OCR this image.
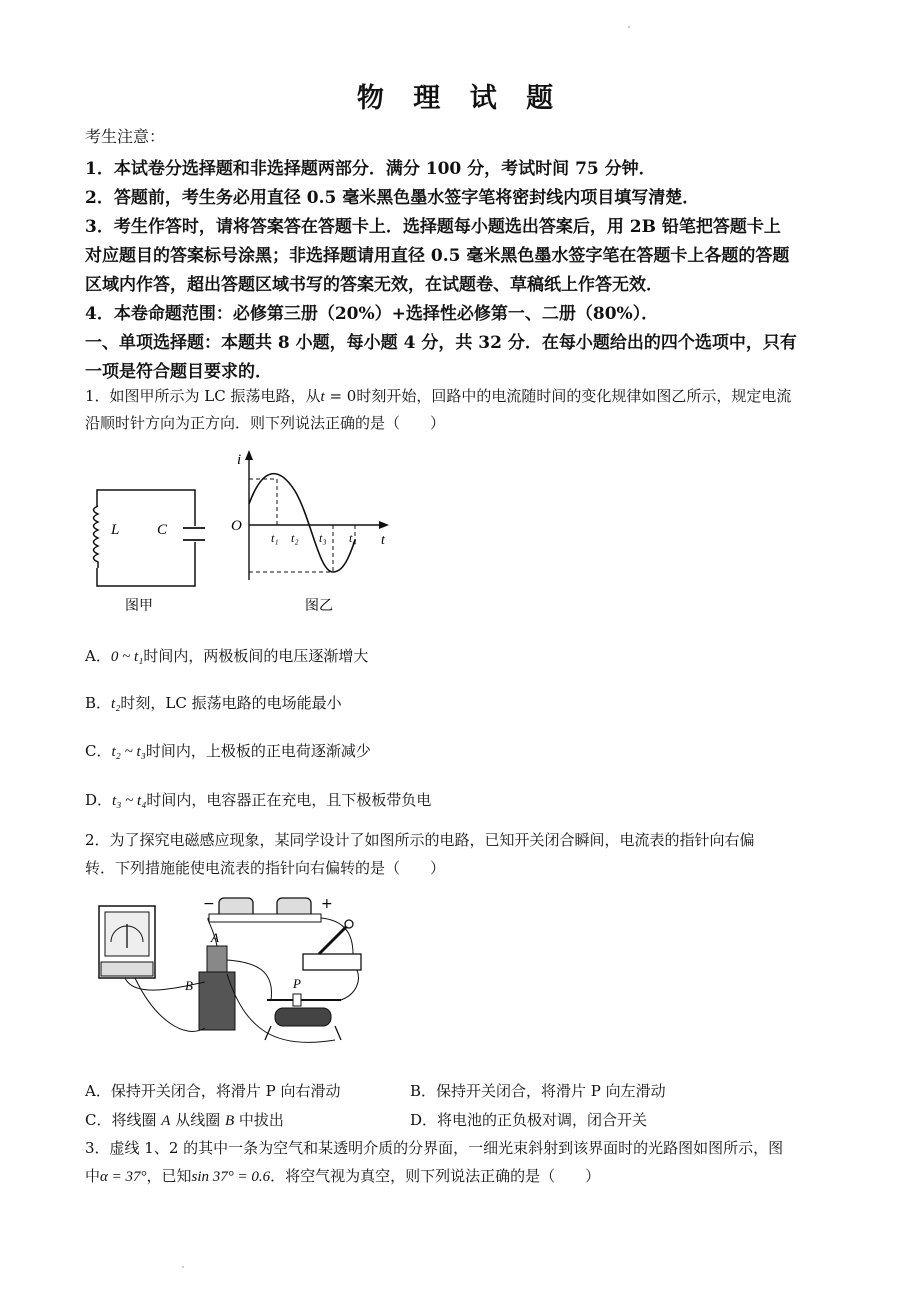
物 理 试 题
考生注意：
1．本试卷分选择题和非选择题两部分．满分 100 分，考试时间 75 分钟．
2．答题前，考生务必用直径 0.5 毫米黑色墨水签字笔将密封线内项目填写清楚．
3．考生作答时，请将答案答在答题卡上．选择题每小题选出答案后，用 2B 铅笔把答题卡上
对应题目的答案标号涂黑；非选择题请用直径 0.5 毫米黑色墨水签字笔在答题卡上各题的答题
区域内作答，超出答题区域书写的答案无效，在试题卷、草稿纸上作答无效．
4．本卷命题范围：必修第三册（20%）+选择性必修第一、二册（80%）．
一、单项选择题：本题共 8 小题，每小题 4 分，共 32 分．在每小题给出的四个选项中，只有
一项是符合题目要求的．
1．如图甲所示为 LC 振荡电路，从t = 0时刻开始，回路中的电流随时间的变化规律如图乙所示，规定电流
沿顺时针方向为正方向．则下列说法正确的是（　　）
L	C
图甲
i
O
t
t₁ t₂ t₃ t₄
图乙
A．0 ~ t₁时间内，两极板间的电压逐渐增大
B．t₂时刻，LC 振荡电路的电场能最小
C．t₂ ~ t₃时间内，上极板的正电荷逐渐减少
D．t₃ ~ t₄时间内，电容器正在充电，且下极板带负电
2．为了探究电磁感应现象，某同学设计了如图所示的电路，已知开关闭合瞬间，电流表的指针向右偏
转．下列措施能使电流表的指针向右偏转的是（　　）
−	+
A
B	P
A．保持开关闭合，将滑片 P 向右滑动	B．保持开关闭合，将滑片 P 向左滑动
C．将线圈 A 从线圈 B 中拔出	D．将电池的正负极对调，闭合开关
3．虚线 1、2 的其中一条为空气和某透明介质的分界面，一细光束斜射到该界面时的光路图如图所示，图
中α = 37°，已知sin 37° = 0.6．将空气视为真空，则下列说法正确的是（　　）
